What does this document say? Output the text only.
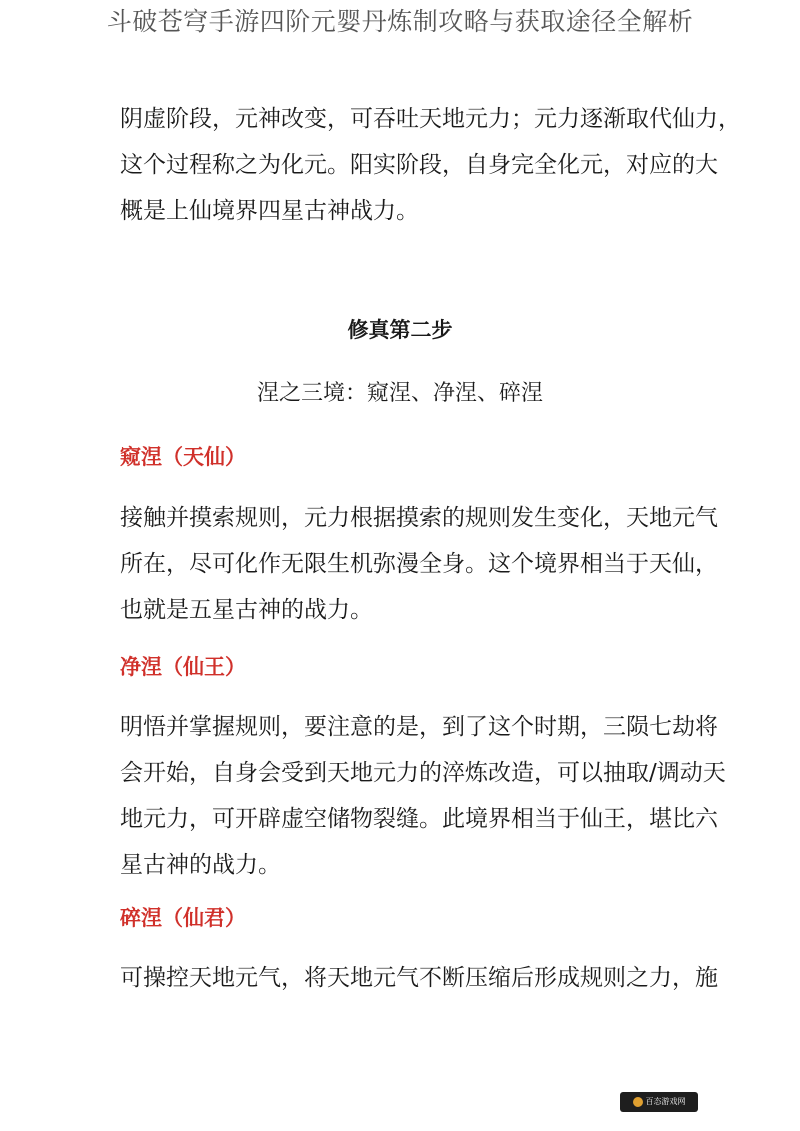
斗破苍穹手游四阶元婴丹炼制攻略与获取途径全解析

阴虚阶段，元神改变，可吞吐天地元力；元力逐渐取代仙力，
这个过程称之为化元。阳实阶段，自身完全化元，对应的大
概是上仙境界四星古神战力。

修真第二步
涅之三境：窥涅、净涅、碎涅
窥涅（天仙）

接触并摸索规则，元力根据摸索的规则发生变化，天地元气
所在，尽可化作无限生机弥漫全身。这个境界相当于天仙，
也就是五星古神的战力。

净涅（仙王）

明悟并掌握规则，要注意的是，到了这个时期，三陨七劫将
会开始，自身会受到天地元力的淬炼改造，可以抽取/调动天
地元力，可开辟虚空储物裂缝。此境界相当于仙王，堪比六
星古神的战力。

碎涅（仙君）

可操控天地元气，将天地元气不断压缩后形成规则之力，施

百态游戏网
